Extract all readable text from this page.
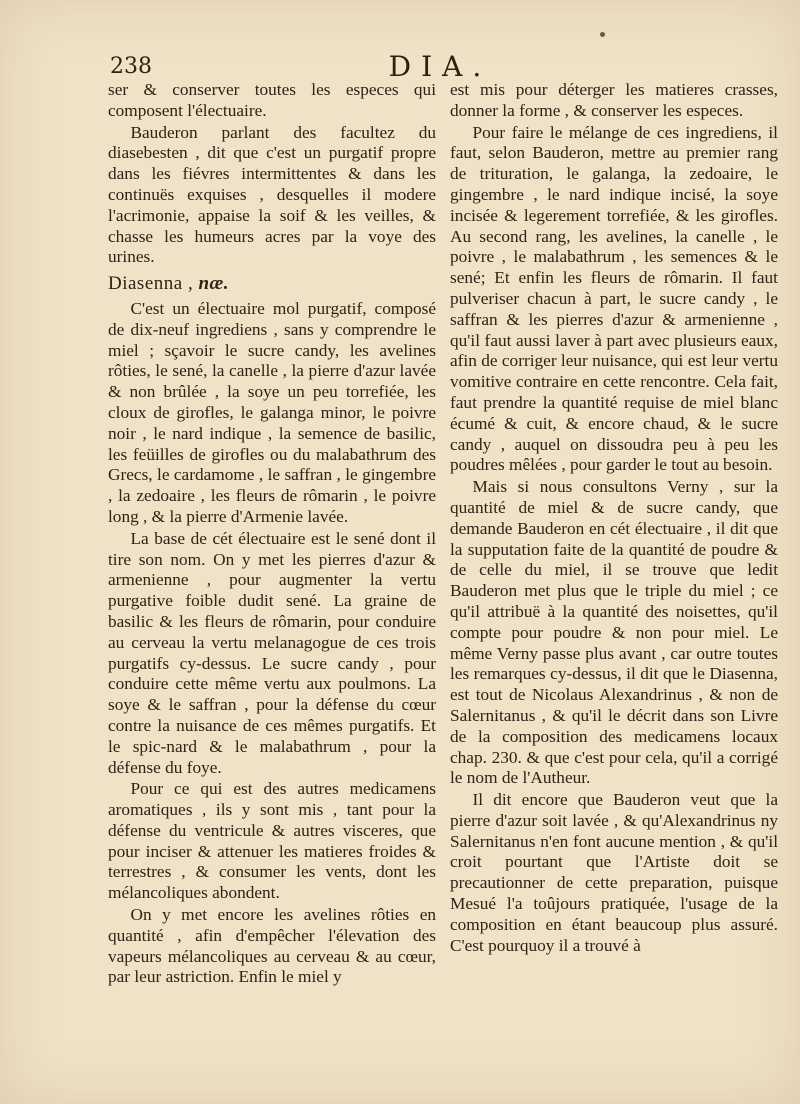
238	DIA.

ser & conserver toutes les especes qui composent l'électuaire.

Bauderon parlant des facultez du diasebesten , dit que c'est un purgatif propre dans les fiévres intermittentes & dans les continuës exquises , desquelles il modere l'acrimonie, appaise la soif & les veilles, & chasse les humeurs acres par la voye des urines.

Diasenna , næ.

C'est un électuaire mol purgatif, composé de dix-neuf ingrediens , sans y comprendre le miel ; sçavoir le sucre candy, les avelines rôties, le sené, la canelle , la pierre d'azur lavée & non brûlée , la soye un peu torrefiée, les cloux de girofles, le galanga minor, le poivre noir , le nard indique , la semence de basilic, les feüilles de girofles ou du malabathrum des Grecs, le cardamome , le saffran , le gingembre , la zedoaire , les fleurs de rômarin , le poivre long , & la pierre d'Armenie lavée.

La base de cét électuaire est le sené dont il tire son nom. On y met les pierres d'azur & armenienne , pour augmenter la vertu purgative foible dudit sené. La graine de basilic & les fleurs de rômarin, pour conduire au cerveau la vertu melanagogue de ces trois purgatifs cy-dessus. Le sucre candy , pour conduire cette même vertu aux poulmons. La soye & le saffran , pour la défense du cœur contre la nuisance de ces mêmes purgatifs. Et le spic-nard & le malabathrum , pour la défense du foye.

Pour ce qui est des autres medicamens aromatiques , ils y sont mis , tant pour la défense du ventricule & autres visceres, que pour inciser & attenuer les matieres froides & terrestres , & consumer les vents, dont les mélancoliques abondent.

On y met encore les avelines rôties en quantité , afin d'empêcher l'élevation des vapeurs mélancoliques au cerveau & au cœur, par leur astriction. Enfin le miel y

est mis pour déterger les matieres crasses, donner la forme , & conserver les especes.

Pour faire le mélange de ces ingrediens, il faut, selon Bauderon, mettre au premier rang de trituration, le galanga, la zedoaire, le gingembre , le nard indique incisé, la soye incisée & legerement torrefiée, & les girofles. Au second rang, les avelines, la canelle , le poivre , le malabathrum , les semences & le sené; Et enfin les fleurs de rômarin. Il faut pulveriser chacun à part, le sucre candy , le saffran & les pierres d'azur & armenienne , qu'il faut aussi laver à part avec plusieurs eaux, afin de corriger leur nuisance, qui est leur vertu vomitive contraire en cette rencontre. Cela fait, faut prendre la quantité requise de miel blanc écumé & cuit, & encore chaud, & le sucre candy , auquel on dissoudra peu à peu les poudres mêlées , pour garder le tout au besoin.

Mais si nous consultons Verny , sur la quantité de miel & de sucre candy, que demande Bauderon en cét électuaire , il dit que la supputation faite de la quantité de poudre & de celle du miel, il se trouve que ledit Bauderon met plus que le triple du miel ; ce qu'il attribuë à la quantité des noisettes, qu'il compte pour poudre & non pour miel. Le même Verny passe plus avant , car outre toutes les remarques cy-dessus, il dit que le Diasenna, est tout de Nicolaus Alexandrinus , & non de Salernitanus , & qu'il le décrit dans son Livre de la composition des medicamens locaux chap. 230. & que c'est pour cela, qu'il a corrigé le nom de l'Autheur.

Il dit encore que Bauderon veut que la pierre d'azur soit lavée , & qu'Alexandrinus ny Salernitanus n'en font aucune mention , & qu'il croit pourtant que l'Artiste doit se precautionner de cette preparation, puisque Mesué l'a toûjours pratiquée, l'usage de la composition en étant beaucoup plus assuré. C'est pourquoy il a trouvé à
